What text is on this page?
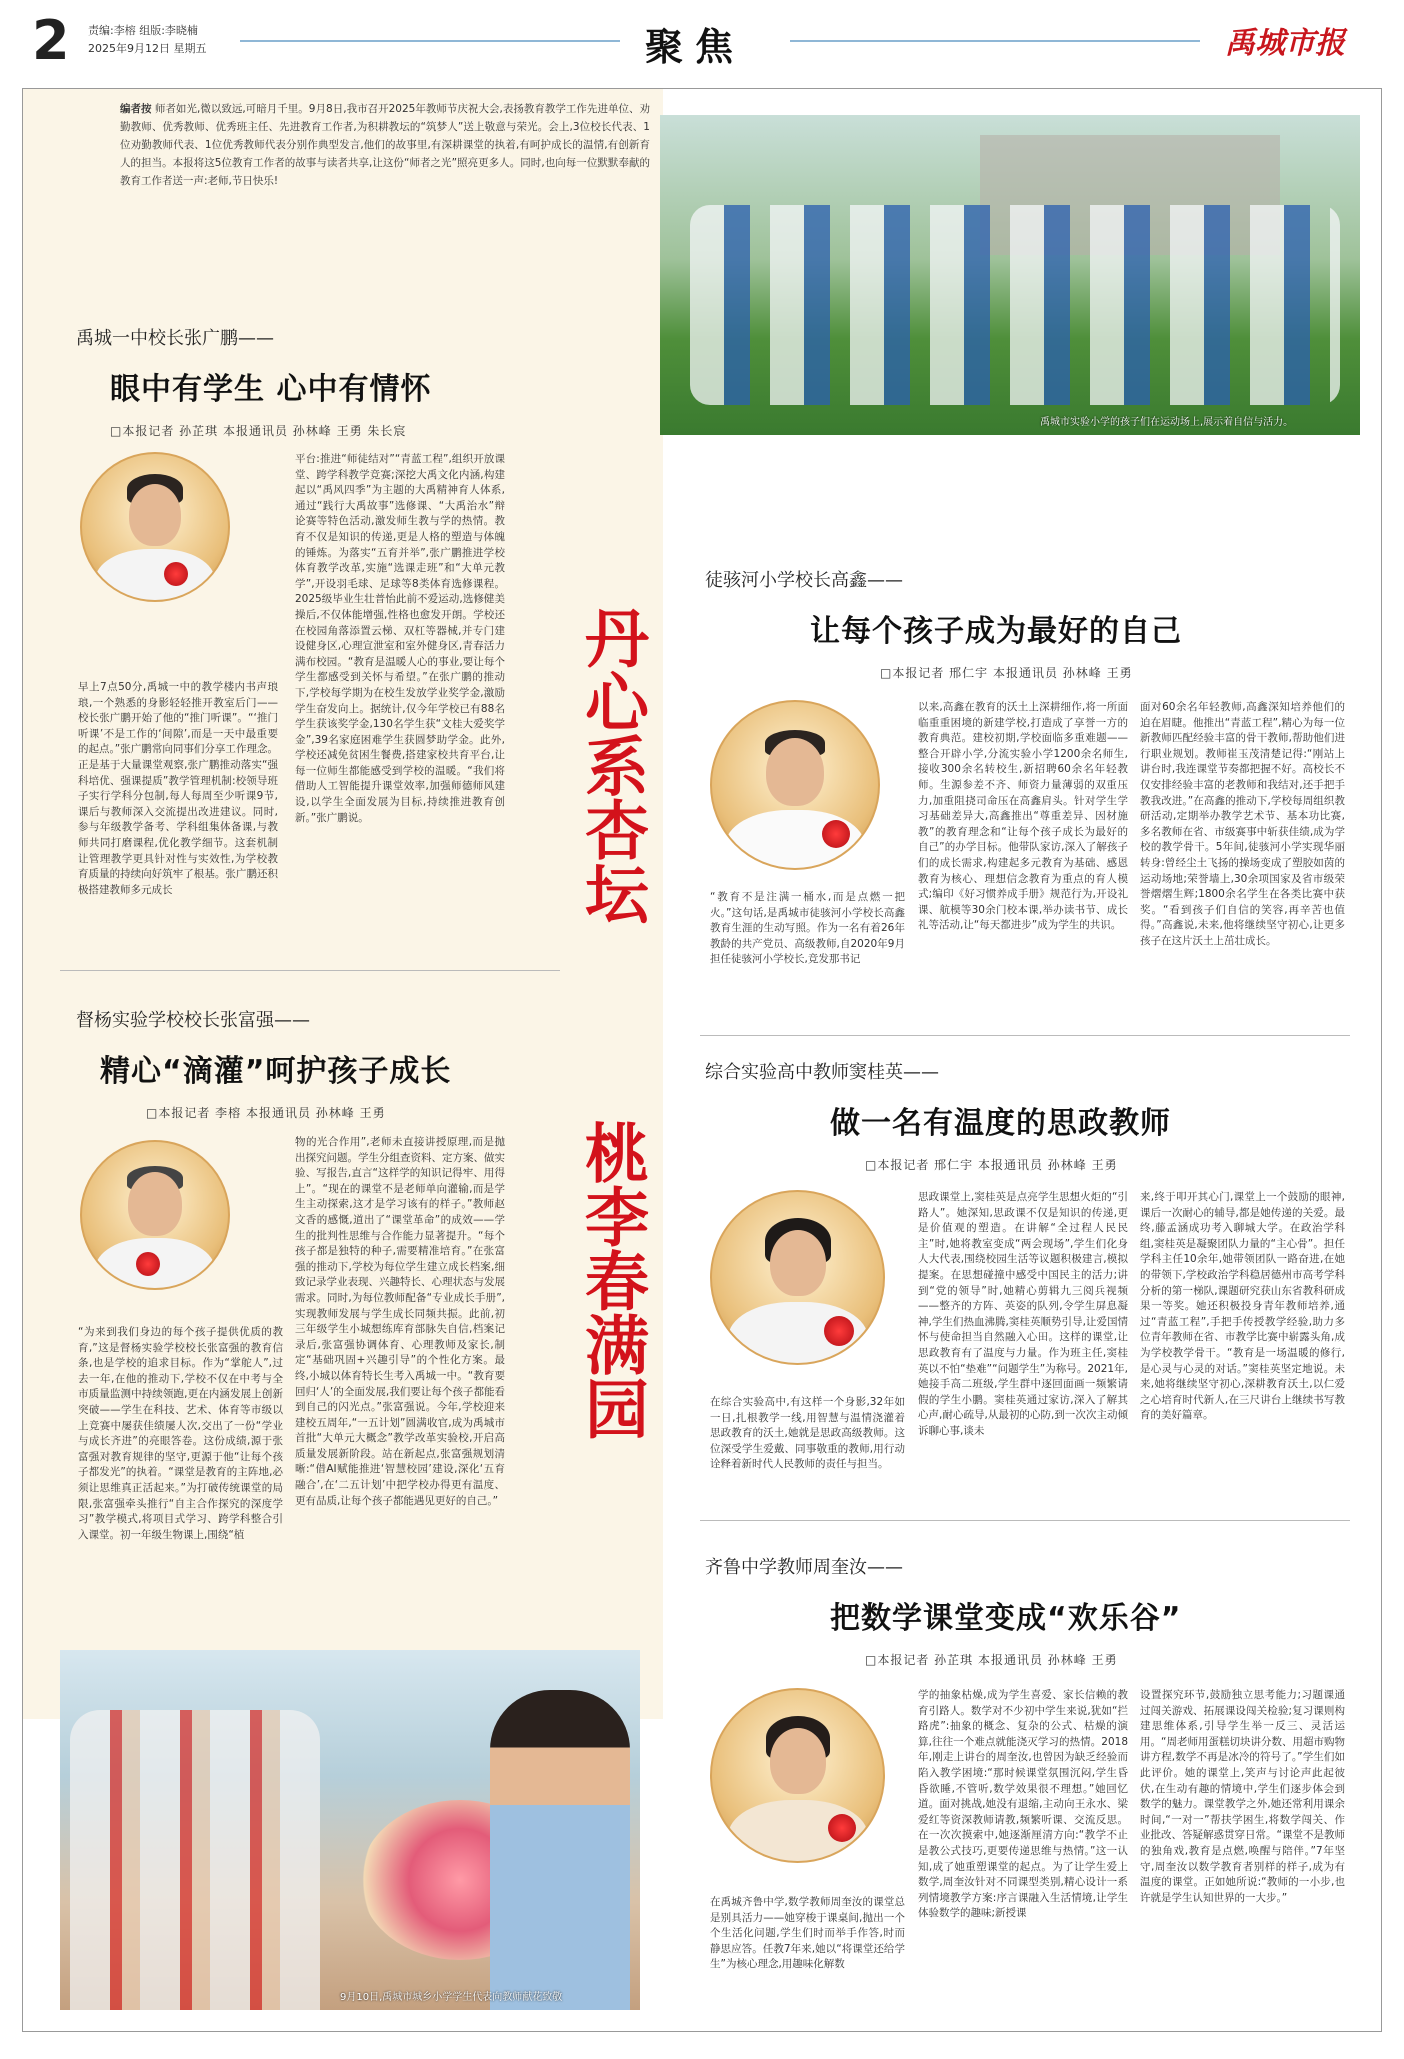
2 责编:李榕 组版:李晓楠
2025年9月12日 星期五	聚焦	禹城市报
编者按 师者如光,微以致远,可暗月千里。9月8日,我市召开2025年教师节庆祝大会,表扬教育教学工作先进单位、劝勤教师、优秀教师、优秀班主任、先进教育工作者,为积耕教坛的“筑梦人”送上敬意与荣光。会上,3位校长代表、1位劝勤教师代表、1位优秀教师代表分别作典型发言,他们的故事里,有深耕课堂的执着,有呵护成长的温情,有创新育人的担当。本报将这5位教育工作者的故事与读者共享,让这份“师者之光”照亮更多人。同时,也向每一位默默奉献的教育工作者送一声:老师,节日快乐!
禹城市实验小学的孩子们在运动场上,展示着自信与活力。
丹心系杏坛
桃李春满园
禹城一中校长张广鹏——
眼中有学生 心中有情怀
□本报记者 孙芷琪 本报通讯员 孙林峰 王勇 朱长宸
早上7点50分,禹城一中的教学楼内书声琅琅,一个熟悉的身影轻轻推开教室后门——校长张广鹏开始了他的“推门听课”。“‘推门听课’不是工作的‘间隙’,而是一天中最重要的起点。”张广鹏常向同事们分享工作理念。正是基于大量课堂观察,张广鹏推动落实“强科培优、强课提质”教学管理机制:校领导班子实行学科分包制,每人每周至少听课9节,课后与教师深入交流提出改进建议。同时,参与年级教学备考、学科组集体备课,与教师共同打磨课程,优化教学细节。这套机制让管理教学更具针对性与实效性,为学校教育质量的持续向好筑牢了根基。张广鹏还积极搭建教师多元成长
平台:推进“师徒结对”“青蓝工程”,组织开放课堂、跨学科教学竞赛;深挖大禹文化内涵,构建起以“禹风四季”为主题的大禹精神育人体系,通过“践行大禹故事”选修课、“大禹治水”辩论赛等特色活动,激发师生教与学的热情。教育不仅是知识的传递,更是人格的塑造与体魄的锤炼。为落实“五育并举”,张广鹏推进学校体育教学改革,实施“选课走班”和“大单元教学”,开设羽毛球、足球等8类体育选修课程。2025级毕业生壮普怡此前不爱运动,选修健美操后,不仅体能增强,性格也愈发开朗。学校还在校园角落添置云梯、双杠等器械,并专门建设健身区,心理宣泄室和室外健身区,青春活力满布校园。“教育是温暖人心的事业,要让每个学生都感受到关怀与希望。”在张广鹏的推动下,学校每学期为在校生发放学业奖学金,激励学生奋发向上。据统计,仅今年学校已有88名学生获该奖学金,130名学生获“文桂大爱奖学金”,39名家庭困难学生获圆梦助学金。此外,学校还减免贫困生餐费,搭建家校共育平台,让每一位师生都能感受到学校的温暖。“我们将借助人工智能提升课堂效率,加强师德师风建设,以学生全面发展为目标,持续推进教育创新。”张广鹏说。
督杨实验学校校长张富强——
精心“滴灌”呵护孩子成长
□本报记者 李榕 本报通讯员 孙林峰 王勇
“为来到我们身边的每个孩子提供优质的教育,”这是督杨实验学校校长张富强的教育信条,也是学校的追求目标。作为“掌舵人”,过去一年,在他的推动下,学校不仅在中考与全市质量监测中持续领跑,更在内涵发展上创新突破——学生在科技、艺术、体育等市级以上竞赛中屡获佳绩屡人次,交出了一份“学业与成长齐进”的亮眼答卷。这份成绩,源于张富强对教育规律的坚守,更源于他“让每个孩子都发光”的执着。“课堂是教育的主阵地,必须让思维真正活起来。”为打破传统课堂的局限,张富强牵头推行“自主合作探究的深度学习”教学模式,将项目式学习、跨学科整合引入课堂。初一年级生物课上,围绕“植
物的光合作用”,老师未直接讲授原理,而是抛出探究问题。学生分组查资料、定方案、做实验、写报告,直言“这样学的知识记得牢、用得上”。“现在的课堂不是老师单向灌输,而是学生主动探索,这才是学习该有的样子。”教师赵文香的感慨,道出了“课堂革命”的成效——学生的批判性思维与合作能力显著提升。“每个孩子都是独特的种子,需要精准培育。”在张富强的推动下,学校为每位学生建立成长档案,细致记录学业表现、兴趣特长、心理状态与发展需求。同时,为每位教师配备“专业成长手册”,实现教师发展与学生成长同频共振。此前,初三年级学生小城想练库育部脉失自信,档案记录后,张富强协调体育、心理教师及家长,制定“基础巩固+兴趣引导”的个性化方案。最终,小城以体育特长生考入禹城一中。“教育要回归‘人’的全面发展,我们要让每个孩子都能看到自己的闪光点。”张富强说。今年,学校迎来建校五周年,“一五计划”圆满收官,成为禹城市首批“大单元大概念”教学改革实验校,开启高质量发展新阶段。站在新起点,张富强规划清晰:“借AI赋能推进‘智慧校园’建设,深化‘五育融合’,在‘二五计划’中把学校办得更有温度、更有品质,让每个孩子都能遇见更好的自己。”
徒骇河小学校长高鑫——
让每个孩子成为最好的自己
□本报记者 邢仁宇 本报通讯员 孙林峰 王勇
“教育不是注满一桶水,而是点燃一把火。”这句话,是禹城市徒骇河小学校长高鑫教育生涯的生动写照。作为一名有着26年教龄的共产党员、高级教师,自2020年9月担任徒骇河小学校长,竞发那书记
以来,高鑫在教育的沃土上深耕细作,将一所面临重重困境的新建学校,打造成了享誉一方的教育典范。建校初期,学校面临多重难题——整合开辟小学,分流实验小学1200余名师生,接收300余名转校生,新招聘60余名年轻教师。生源参差不齐、师资力量薄弱的双重压力,加重阻挠司命压在高鑫肩头。针对学生学习基础差异大,高鑫推出“尊重差异、因材施教”的教育理念和“让每个孩子成长为最好的自己”的办学目标。他带队家访,深入了解孩子们的成长需求,构建起多元教育为基础、感恩教育为核心、理想信念教育为重点的育人模式;编印《好习惯养成手册》规范行为,开设礼课、航模等30余门校本课,举办读书节、成长礼等活动,让“每天都进步”成为学生的共识。
面对60余名年轻教师,高鑫深知培养他们的迫在眉睫。他推出“青蓝工程”,精心为每一位新教师匹配经验丰富的骨干教师,帮助他们进行职业规划。教师崔玉茂清楚记得:“刚站上讲台时,我连课堂节奏都把握不好。高校长不仅安排经验丰富的老教师和我结对,还手把手教我改进。”在高鑫的推动下,学校每周组织教研活动,定期举办教学艺术节、基本功比赛,多名教师在省、市级赛事中斩获佳绩,成为学校的教学骨干。5年间,徒骇河小学实现华丽转身:曾经尘土飞扬的操场变成了塑胶如茵的运动场地;荣誉墙上,30余项国家及省市级荣誉熠熠生辉;1800余名学生在各类比赛中获奖。“看到孩子们自信的笑容,再辛苦也值得。”高鑫说,未来,他将继续坚守初心,让更多孩子在这片沃土上茁壮成长。
综合实验高中教师窦桂英——
做一名有温度的思政教师
□本报记者 邢仁宇 本报通讯员 孙林峰 王勇
在综合实验高中,有这样一个身影,32年如一日,扎根教学一线,用智慧与温情浇灌着思政教育的沃土,她就是思政高级教师。这位深受学生爱戴、同事敬重的教师,用行动诠释着新时代人民教师的责任与担当。
思政课堂上,窦桂英是点亮学生思想火炬的“引路人”。她深知,思政课不仅是知识的传递,更是价值观的塑造。在讲解“全过程人民民主”时,她将教室变成“两会现场”,学生们化身人大代表,围绕校园生活等议题积极建言,模拟提案。在思想碰撞中感受中国民主的活力;讲到“党的领导”时,她精心剪辑九三阅兵视频——整齐的方阵、英姿的队列,令学生屏息凝神,学生们热血沸腾,窦桂英顺势引导,让爱国情怀与使命担当自然融入心田。这样的课堂,让思政教育有了温度与力量。作为班主任,窦桂英以不怕“垫难”“问题学生”为称号。2021年,她接手高二班级,学生群中逐回面画一频繁请假的学生小鹏。窦桂英通过家访,深入了解其心声,耐心疏导,从最初的心防,到一次次主动倾诉聊心事,谈未
来,终于叩开其心门,课堂上一个鼓励的眼神,课后一次耐心的辅导,都是她传递的关爱。最终,藤孟涵成功考入聊城大学。在政治学科组,窦桂英是凝聚团队力量的“主心骨”。担任学科主任10余年,她带领团队一路奋进,在她的带领下,学校政治学科稳居德州市高考学科分析的第一梯队,课题研究获山东省教科研成果一等奖。她还积极投身青年教师培养,通过“青蓝工程”,手把手传授教学经验,助力多位青年教师在省、市教学比赛中崭露头角,成为学校教学骨干。“教育是一场温暖的修行,是心灵与心灵的对话。”窦桂英坚定地说。未来,她将继续坚守初心,深耕教育沃土,以仁爱之心培育时代新人,在三尺讲台上继续书写教育的美好篇章。
齐鲁中学教师周奎汝——
把数学课堂变成“欢乐谷”
□本报记者 孙芷琪 本报通讯员 孙林峰 王勇
在禹城齐鲁中学,数学教师周奎汝的课堂总是别具活力——她穿梭于课桌间,抛出一个个生活化问题,学生们时而举手作答,时而静思应答。任教7年来,她以“将课堂还给学生”为核心理念,用趣味化解数
学的抽象枯燥,成为学生喜爱、家长信赖的教育引路人。数学对不少初中学生来说,犹如“拦路虎”:抽象的概念、复杂的公式、枯燥的演算,往往一个难点就能浇灭学习的热情。2018年,刚走上讲台的周奎汝,也曾因为缺乏经验而陷入教学困境:“那时候课堂氛围沉闷,学生昏昏欲睡,不管听,数学效果很不理想。”她回忆道。面对挑战,她没有退缩,主动向王永水、梁爱红等资深教师请教,频繁听课、交流反思。在一次次摸索中,她逐渐厘清方向:“教学不止是教公式技巧,更要传递思维与热情。”这一认知,成了她重塑课堂的起点。为了让学生爱上数学,周奎汝针对不同课型类别,精心设计一系列情境教学方案:序言课融入生活情境,让学生体验数学的趣味;新授课
设置探究环节,鼓励独立思考能力;习题课通过闯关游戏、拓展课设闯关检验;复习课则构建思维体系,引导学生举一反三、灵活运用。“周老师用蛋糕切块讲分数、用超市购物讲方程,数学不再是冰冷的符号了。”学生们如此评价。她的课堂上,笑声与讨论声此起彼伏,在生动有趣的情境中,学生们逐步体会到数学的魅力。课堂教学之外,她还常利用课余时间,“一对一”帮扶学困生,将数学闯关、作业批改、答疑解惑贯穿日常。“课堂不是教师的独角戏,教育是点燃,唤醒与陪伴。”7年坚守,周奎汝以数学教育者别样的样子,成为有温度的课堂。正如她所说:“教师的一小步,也许就是学生认知世界的一大步。”
9月10日,禹城市城乡小学学生代表向教师献花致敬
